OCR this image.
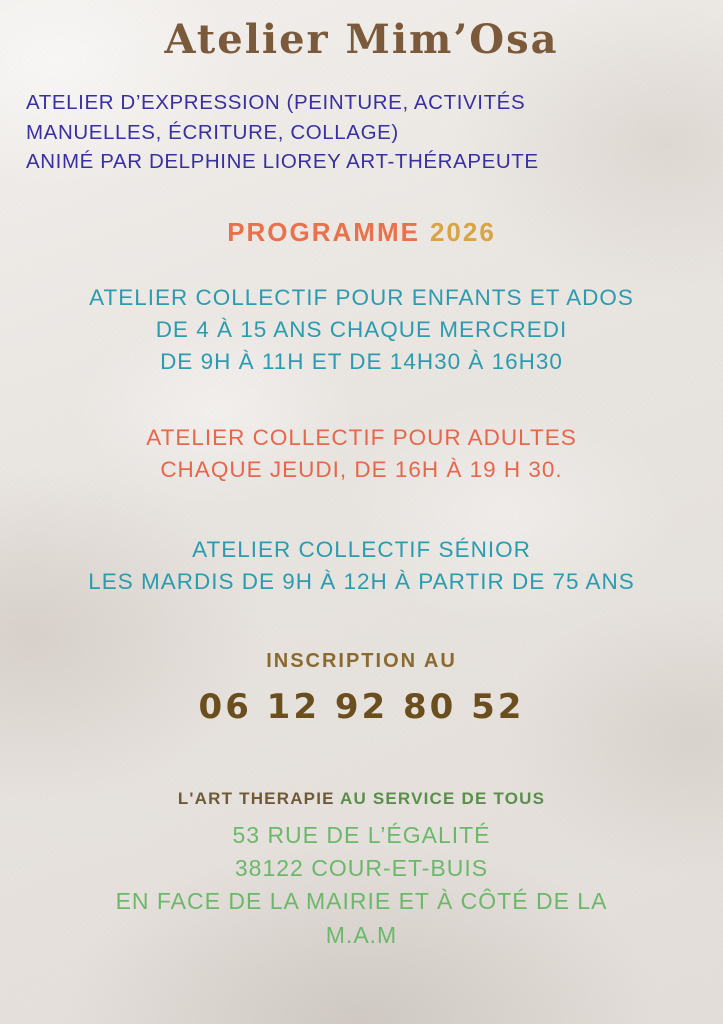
Atelier Mim’Osa
ATELIER D’EXPRESSION (PEINTURE, ACTIVITÉS
MANUELLES, ÉCRITURE, COLLAGE)
ANIMÉ PAR DELPHINE LIOREY ART-THÉRAPEUTE
PROGRAMME 2026
ATELIER COLLECTIF POUR ENFANTS ET ADOS
DE 4 À 15 ANS CHAQUE MERCREDI
DE 9H À 11H ET DE 14H30 À 16H30
ATELIER COLLECTIF POUR ADULTES
CHAQUE JEUDI, DE 16H À 19 H 30.
ATELIER COLLECTIF SÉNIOR
LES MARDIS DE 9H À 12H À PARTIR DE 75 ANS
INSCRIPTION AU
06 12 92 80 52
L'ART THERAPIE AU SERVICE DE TOUS
53 RUE DE L’ÉGALITÉ
38122 COUR-ET-BUIS
EN FACE DE LA MAIRIE ET À CÔTÉ DE LA
M.A.M
